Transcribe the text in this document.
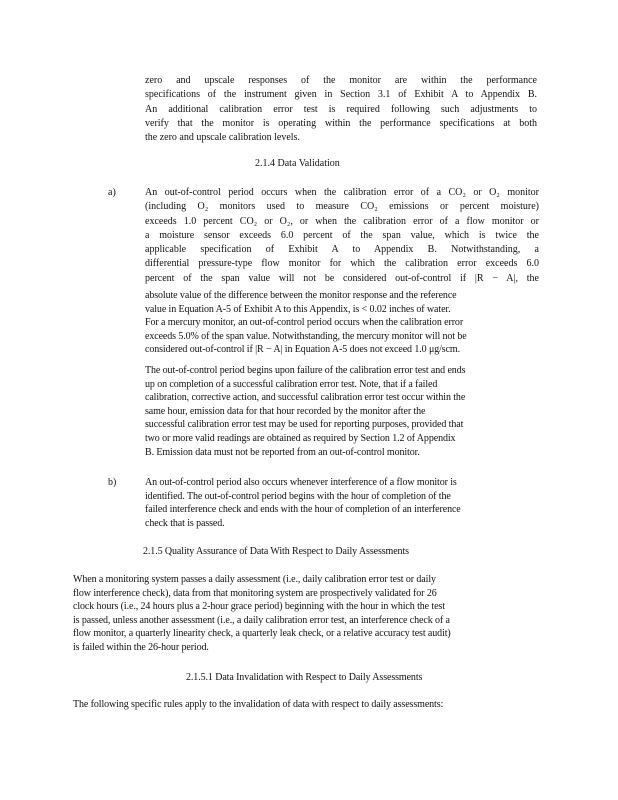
zero and upscale responses of the monitor are within the performance
specifications of the instrument given in Section 3.1 of Exhibit A to Appendix B.
An additional calibration error test is required following such adjustments to
verify that the monitor is operating within the performance specifications at both
the zero and upscale calibration levels.
2.1.4 Data Validation
a)	An out-of-control period occurs when the calibration error of a CO₂ or O₂ monitor
(including O₂ monitors used to measure CO₂ emissions or percent moisture)
exceeds 1.0 percent CO₂ or O₂, or when the calibration error of a flow monitor or
a moisture sensor exceeds 6.0 percent of the span value, which is twice the
applicable specification of Exhibit A to Appendix B. Notwithstanding, a
differential pressure-type flow monitor for which the calibration error exceeds 6.0
percent of the span value will not be considered out-of-control if |R − A|, the
absolute value of the difference between the monitor response and the reference
value in Equation A-5 of Exhibit A to this Appendix, is < 0.02 inches of water.
For a mercury monitor, an out-of-control period occurs when the calibration error
exceeds 5.0% of the span value. Notwithstanding, the mercury monitor will not be
considered out-of-control if |R − A| in Equation A-5 does not exceed 1.0 μg/scm.
The out-of-control period begins upon failure of the calibration error test and ends
up on completion of a successful calibration error test. Note, that if a failed
calibration, corrective action, and successful calibration error test occur within the
same hour, emission data for that hour recorded by the monitor after the
successful calibration error test may be used for reporting purposes, provided that
two or more valid readings are obtained as required by Section 1.2 of Appendix
B. Emission data must not be reported from an out-of-control monitor.
b)	An out-of-control period also occurs whenever interference of a flow monitor is
identified. The out-of-control period begins with the hour of completion of the
failed interference check and ends with the hour of completion of an interference
check that is passed.
2.1.5 Quality Assurance of Data With Respect to Daily Assessments
When a monitoring system passes a daily assessment (i.e., daily calibration error test or daily
flow interference check), data from that monitoring system are prospectively validated for 26
clock hours (i.e., 24 hours plus a 2-hour grace period) beginning with the hour in which the test
is passed, unless another assessment (i.e., a daily calibration error test, an interference check of a
flow monitor, a quarterly linearity check, a quarterly leak check, or a relative accuracy test audit)
is failed within the 26-hour period.
2.1.5.1 Data Invalidation with Respect to Daily Assessments
The following specific rules apply to the invalidation of data with respect to daily assessments:
